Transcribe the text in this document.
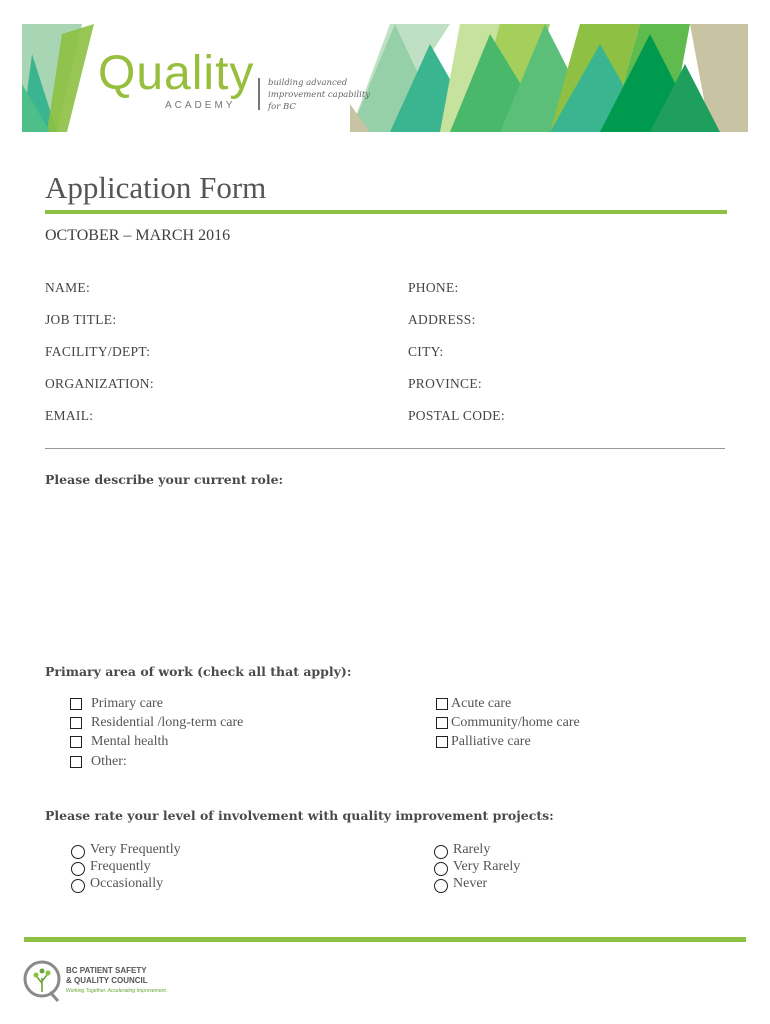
Quality
ACADEMY
building advanced
improvement capability
for BC
Application Form
OCTOBER – MARCH 2016
NAME:
JOB TITLE:
FACILITY/DEPT:
ORGANIZATION:
EMAIL:
PHONE:
ADDRESS:
CITY:
PROVINCE:
POSTAL CODE:
Please describe your current role:
Primary area of work (check all that apply):
Primary care
Residential /long-term care
Mental health
Other:
Acute care
Community/home care
Palliative care
Please rate your level of involvement with quality improvement projects:
Very Frequently
Frequently
Occasionally
Rarely
Very Rarely
Never
BC PATIENT SAFETY
& QUALITY COUNCIL
Working Together. Accelerating Improvement.
